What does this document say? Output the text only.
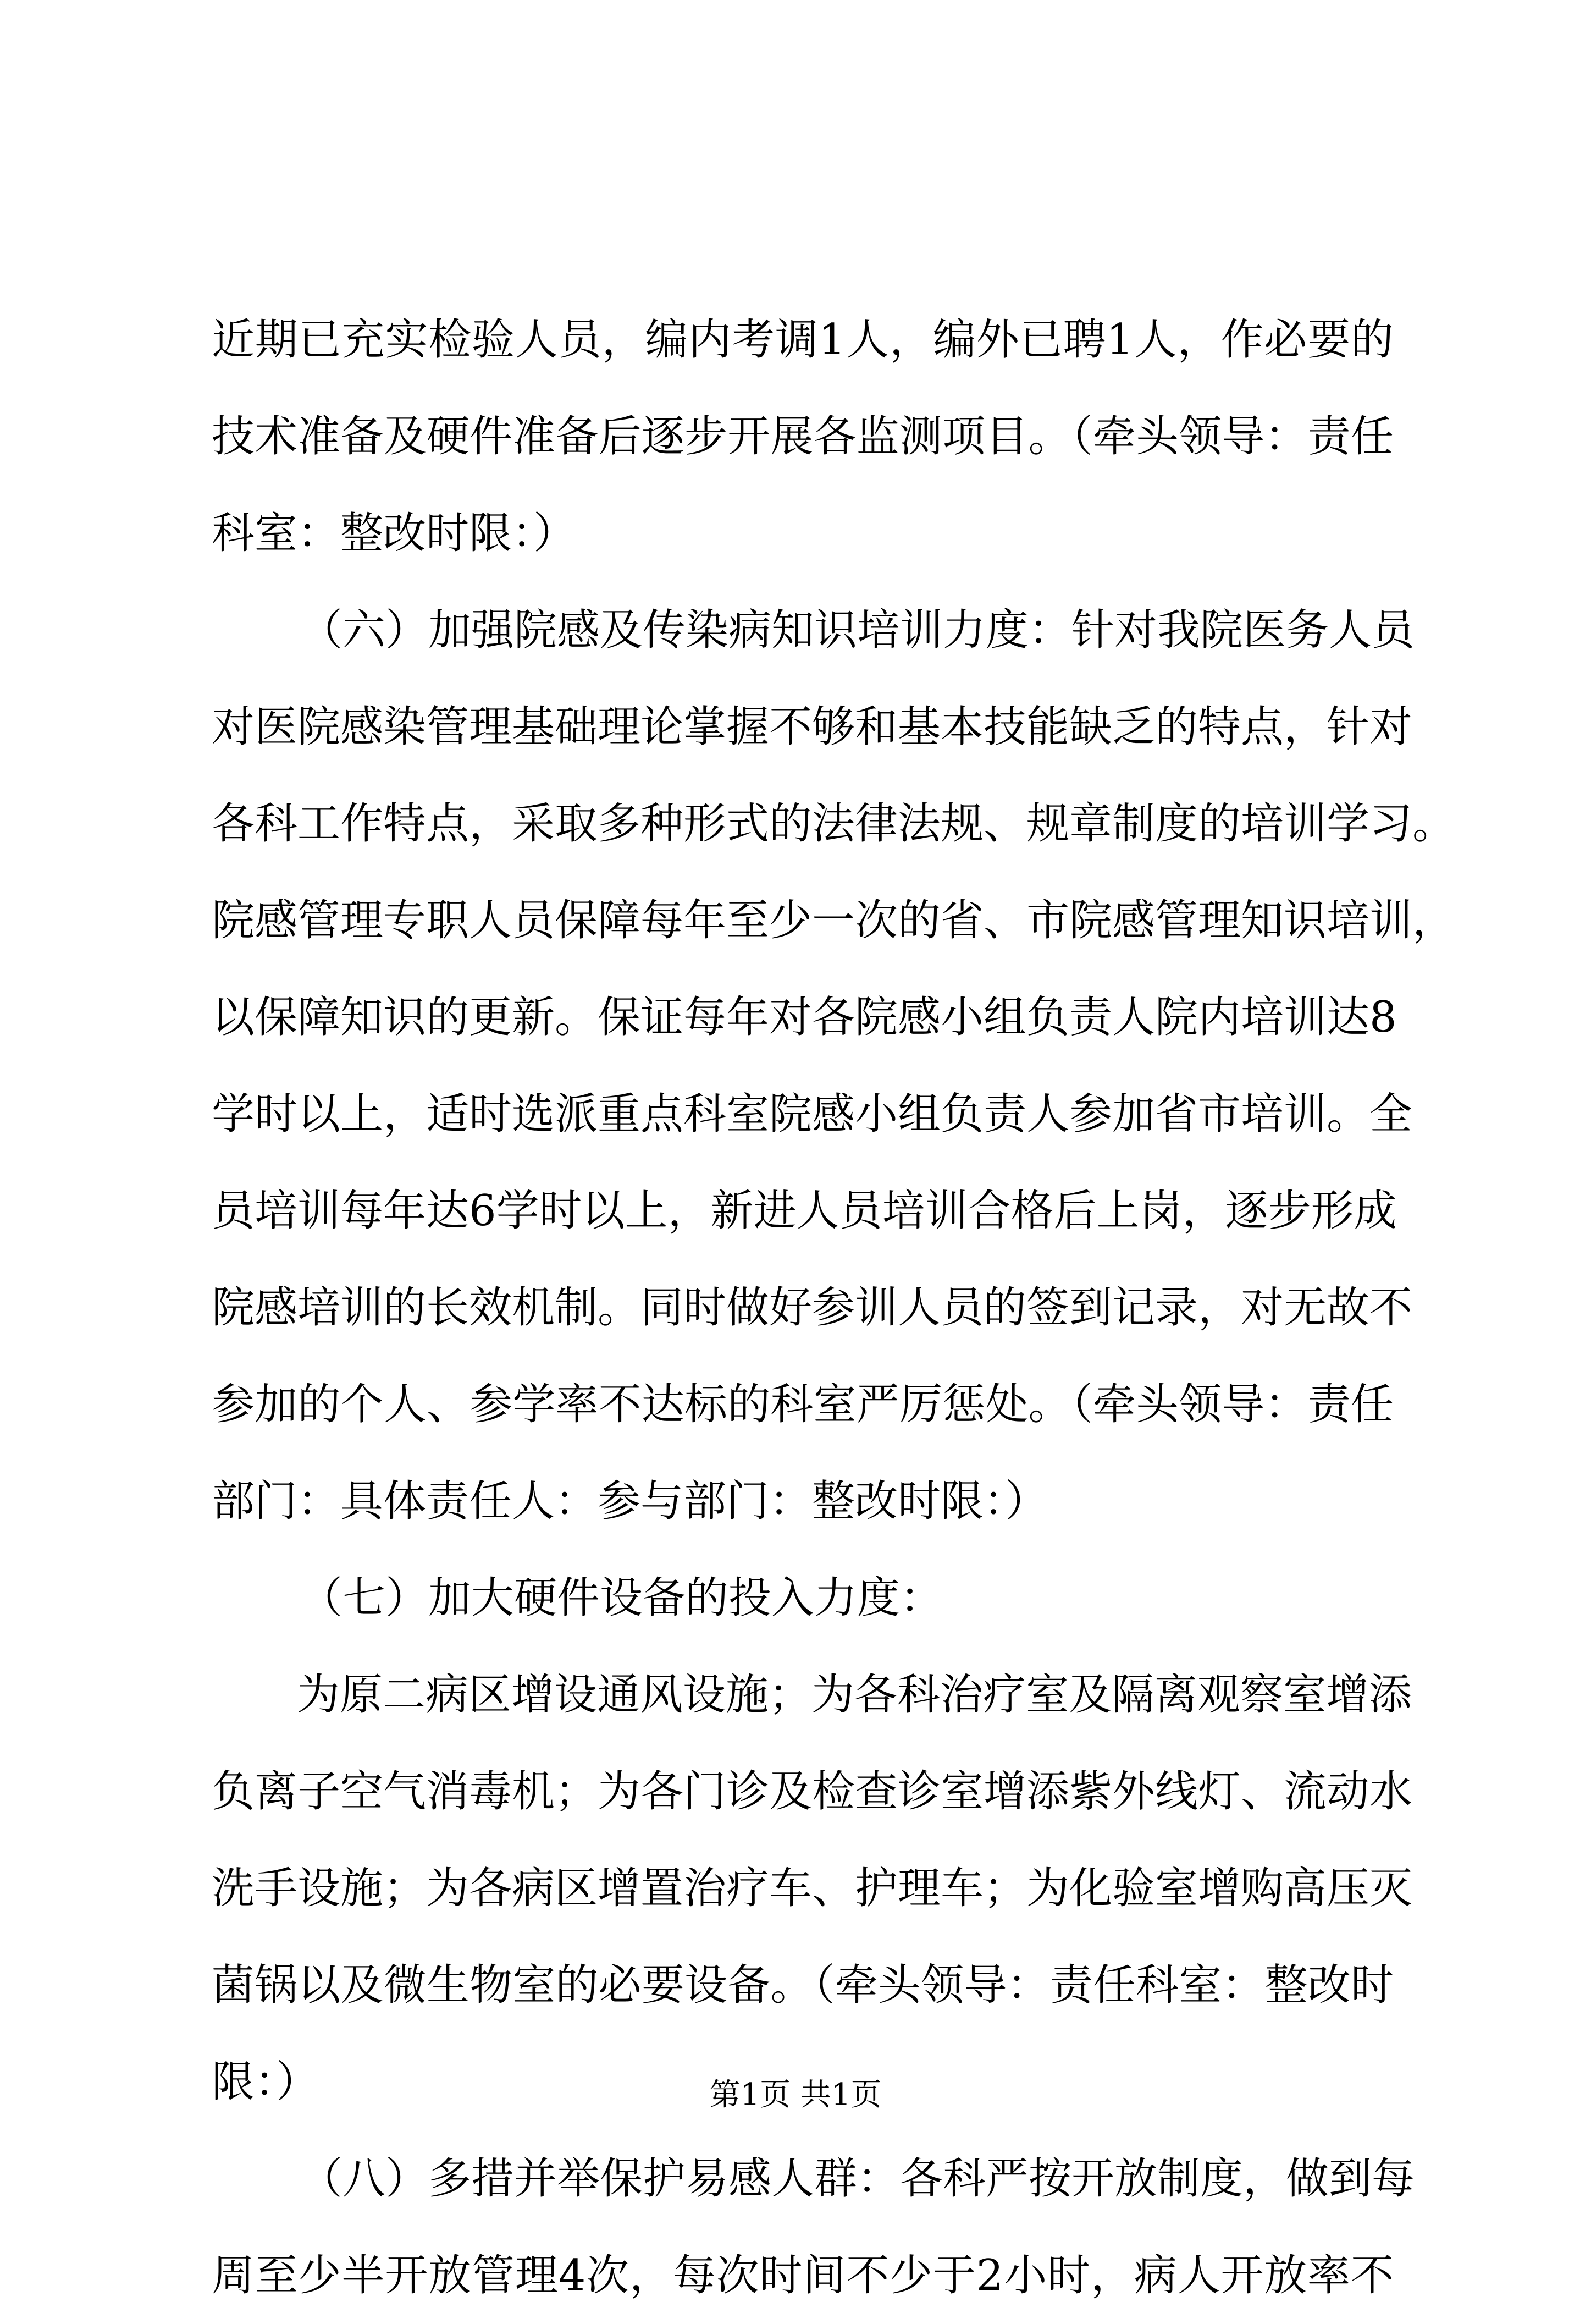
近期已充实检验人员，编内考调1人，编外已聘1人，作必要的
技术准备及硬件准备后逐步开展各监测项目。（牵头领导：责任
科室：整改时限：）
（六）加强院感及传染病知识培训力度：针对我院医务人员
对医院感染管理基础理论掌握不够和基本技能缺乏的特点，针对
各科工作特点，采取多种形式的法律法规、规章制度的培训学习。
院感管理专职人员保障每年至少一次的省、市院感管理知识培训，
以保障知识的更新。保证每年对各院感小组负责人院内培训达8
学时以上，适时选派重点科室院感小组负责人参加省市培训。全
员培训每年达6学时以上，新进人员培训合格后上岗，逐步形成
院感培训的长效机制。同时做好参训人员的签到记录，对无故不
参加的个人、参学率不达标的科室严厉惩处。（牵头领导：责任
部门：具体责任人：参与部门：整改时限：）
（七）加大硬件设备的投入力度：
为原二病区增设通风设施；为各科治疗室及隔离观察室增添
负离子空气消毒机；为各门诊及检查诊室增添紫外线灯、流动水
洗手设施；为各病区增置治疗车、护理车；为化验室增购高压灭
菌锅以及微生物室的必要设备。（牵头领导：责任科室：整改时
限：）
（八）多措并举保护易感人群：各科严按开放制度，做到每
周至少半开放管理4次，每次时间不少于2小时，病人开放率不
第1页 共1页
